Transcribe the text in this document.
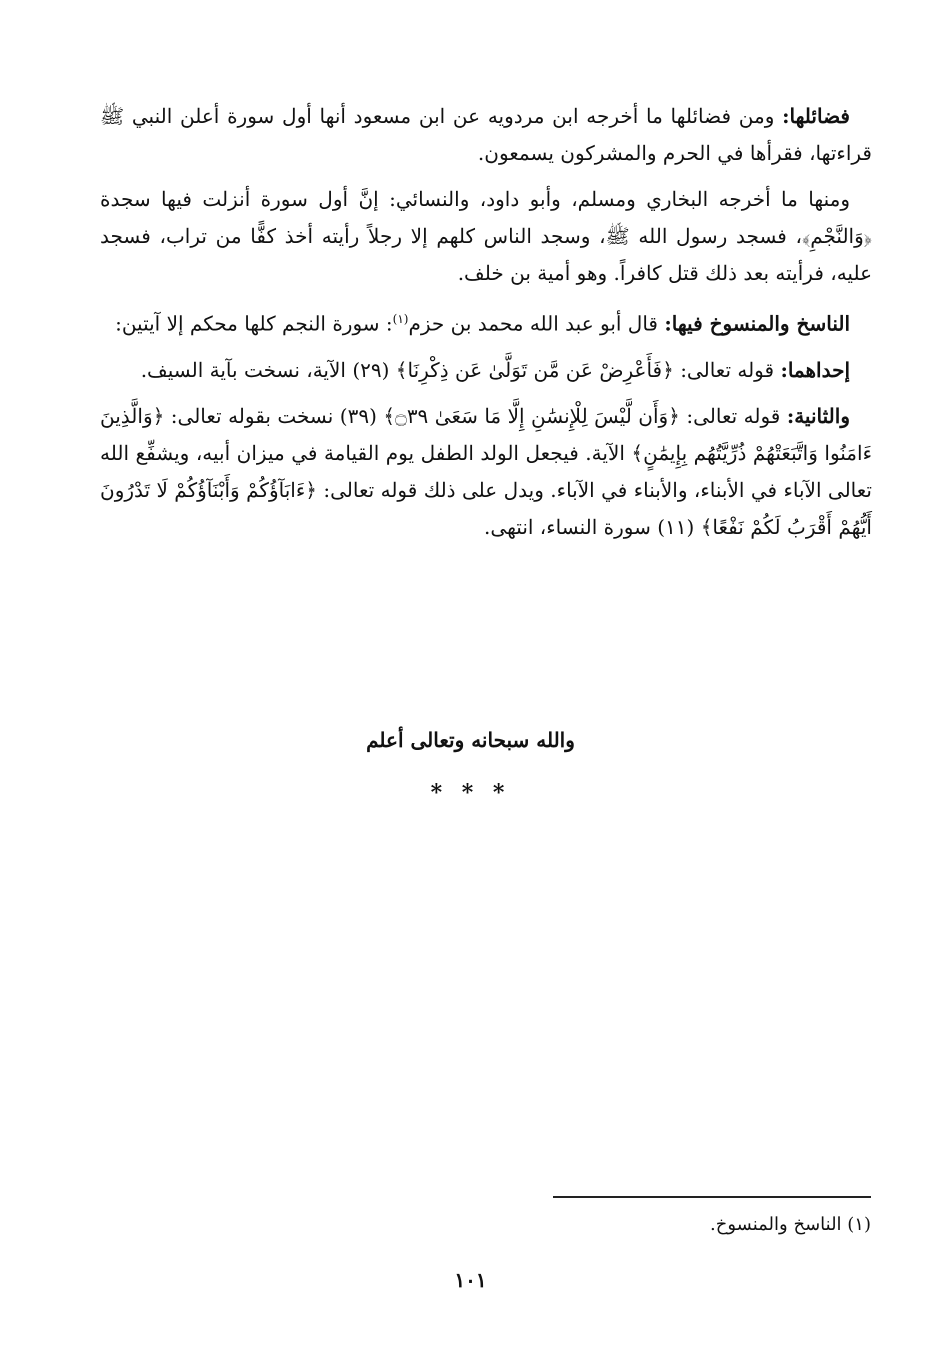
فضائلها: ومن فضائلها ما أخرجه ابن مردويه عن ابن مسعود أنها أول سورة أعلن النبي ﷺ قراءتها، فقرأها في الحرم والمشركون يسمعون.

ومنها ما أخرجه البخاري ومسلم، وأبو داود، والنسائي: إنَّ أول سورة أنزلت فيها سجدة ﴿وَالنَّجْمِ﴾، فسجد رسول الله ﷺ، وسجد الناس كلهم إلا رجلاً رأيته أخذ كفًّا من تراب، فسجد عليه، فرأيته بعد ذلك قتل كافراً. وهو أمية بن خلف.

الناسخ والمنسوخ فيها: قال أبو عبد الله محمد بن حزم$^{(١)}$: سورة النجم كلها محكم إلا آيتين:

إحداهما: قوله تعالى: ﴿فَأَعْرِضْ عَن مَّن تَوَلَّىٰ عَن ذِكْرِنَا﴾ (٢٩) الآية، نسخت بآية السيف.

والثانية: قوله تعالى: ﴿وَأَن لَّيْسَ لِلْإِنسَٰنِ إِلَّا مَا سَعَىٰ ۝٣٩﴾ (٣٩) نسخت بقوله تعالى: ﴿وَالَّذِينَ ءَامَنُوا وَاتَّبَعَتْهُمْ ذُرِّيَّتُهُم بِإِيمَٰنٍ﴾ الآية. فيجعل الولد الطفل يوم القيامة في ميزان أبيه، ويشفِّع الله تعالى الآباء في الأبناء، والأبناء في الآباء. ويدل على ذلك قوله تعالى: ﴿ءَابَآؤُكُمْ وَأَبْنَآؤُكُمْ لَا تَدْرُونَ أَيُّهُمْ أَقْرَبُ لَكُمْ نَفْعًا﴾ (١١) سورة النساء، انتهى.

والله سبحانه وتعالى أعلم
* * *
(١) الناسخ والمنسوخ.
١٠١
